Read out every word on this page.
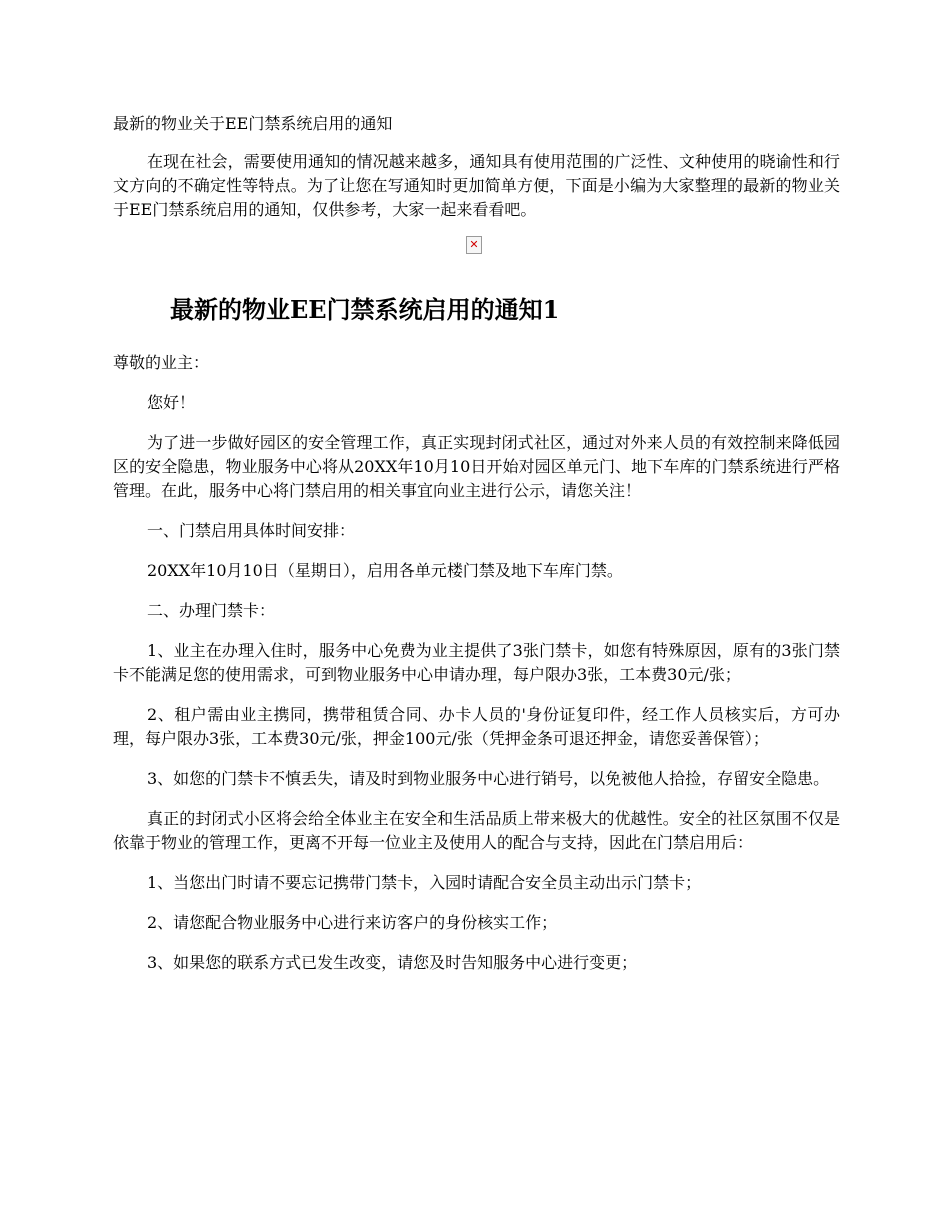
最新的物业关于EE门禁系统启用的通知

在现在社会，需要使用通知的情况越来越多，通知具有使用范围的广泛性、文种使用的晓谕性和行文方向的不确定性等特点。为了让您在写通知时更加简单方便，下面是小编为大家整理的最新的物业关于EE门禁系统启用的通知，仅供参考，大家一起来看看吧。

✕
最新的物业EE门禁系统启用的通知1

尊敬的业主：

您好！

为了进一步做好园区的安全管理工作，真正实现封闭式社区，通过对外来人员的有效控制来降低园区的安全隐患，物业服务中心将从20XX年10月10日开始对园区单元门、地下车库的门禁系统进行严格管理。在此，服务中心将门禁启用的相关事宜向业主进行公示，请您关注！

一、门禁启用具体时间安排：

20XX年10月10日（星期日），启用各单元楼门禁及地下车库门禁。

二、办理门禁卡：

1、业主在办理入住时，服务中心免费为业主提供了3张门禁卡，如您有特殊原因，原有的3张门禁卡不能满足您的使用需求，可到物业服务中心申请办理，每户限办3张，工本费30元/张；

2、租户需由业主携同，携带租赁合同、办卡人员的'身份证复印件，经工作人员核实后，方可办理，每户限办3张，工本费30元/张，押金100元/张（凭押金条可退还押金，请您妥善保管）；

3、如您的门禁卡不慎丢失，请及时到物业服务中心进行销号，以免被他人拾捡，存留安全隐患。

真正的封闭式小区将会给全体业主在安全和生活品质上带来极大的优越性。安全的社区氛围不仅是依靠于物业的管理工作，更离不开每一位业主及使用人的配合与支持，因此在门禁启用后：

1、当您出门时请不要忘记携带门禁卡，入园时请配合安全员主动出示门禁卡；

2、请您配合物业服务中心进行来访客户的身份核实工作；

3、如果您的联系方式已发生改变，请您及时告知服务中心进行变更；
